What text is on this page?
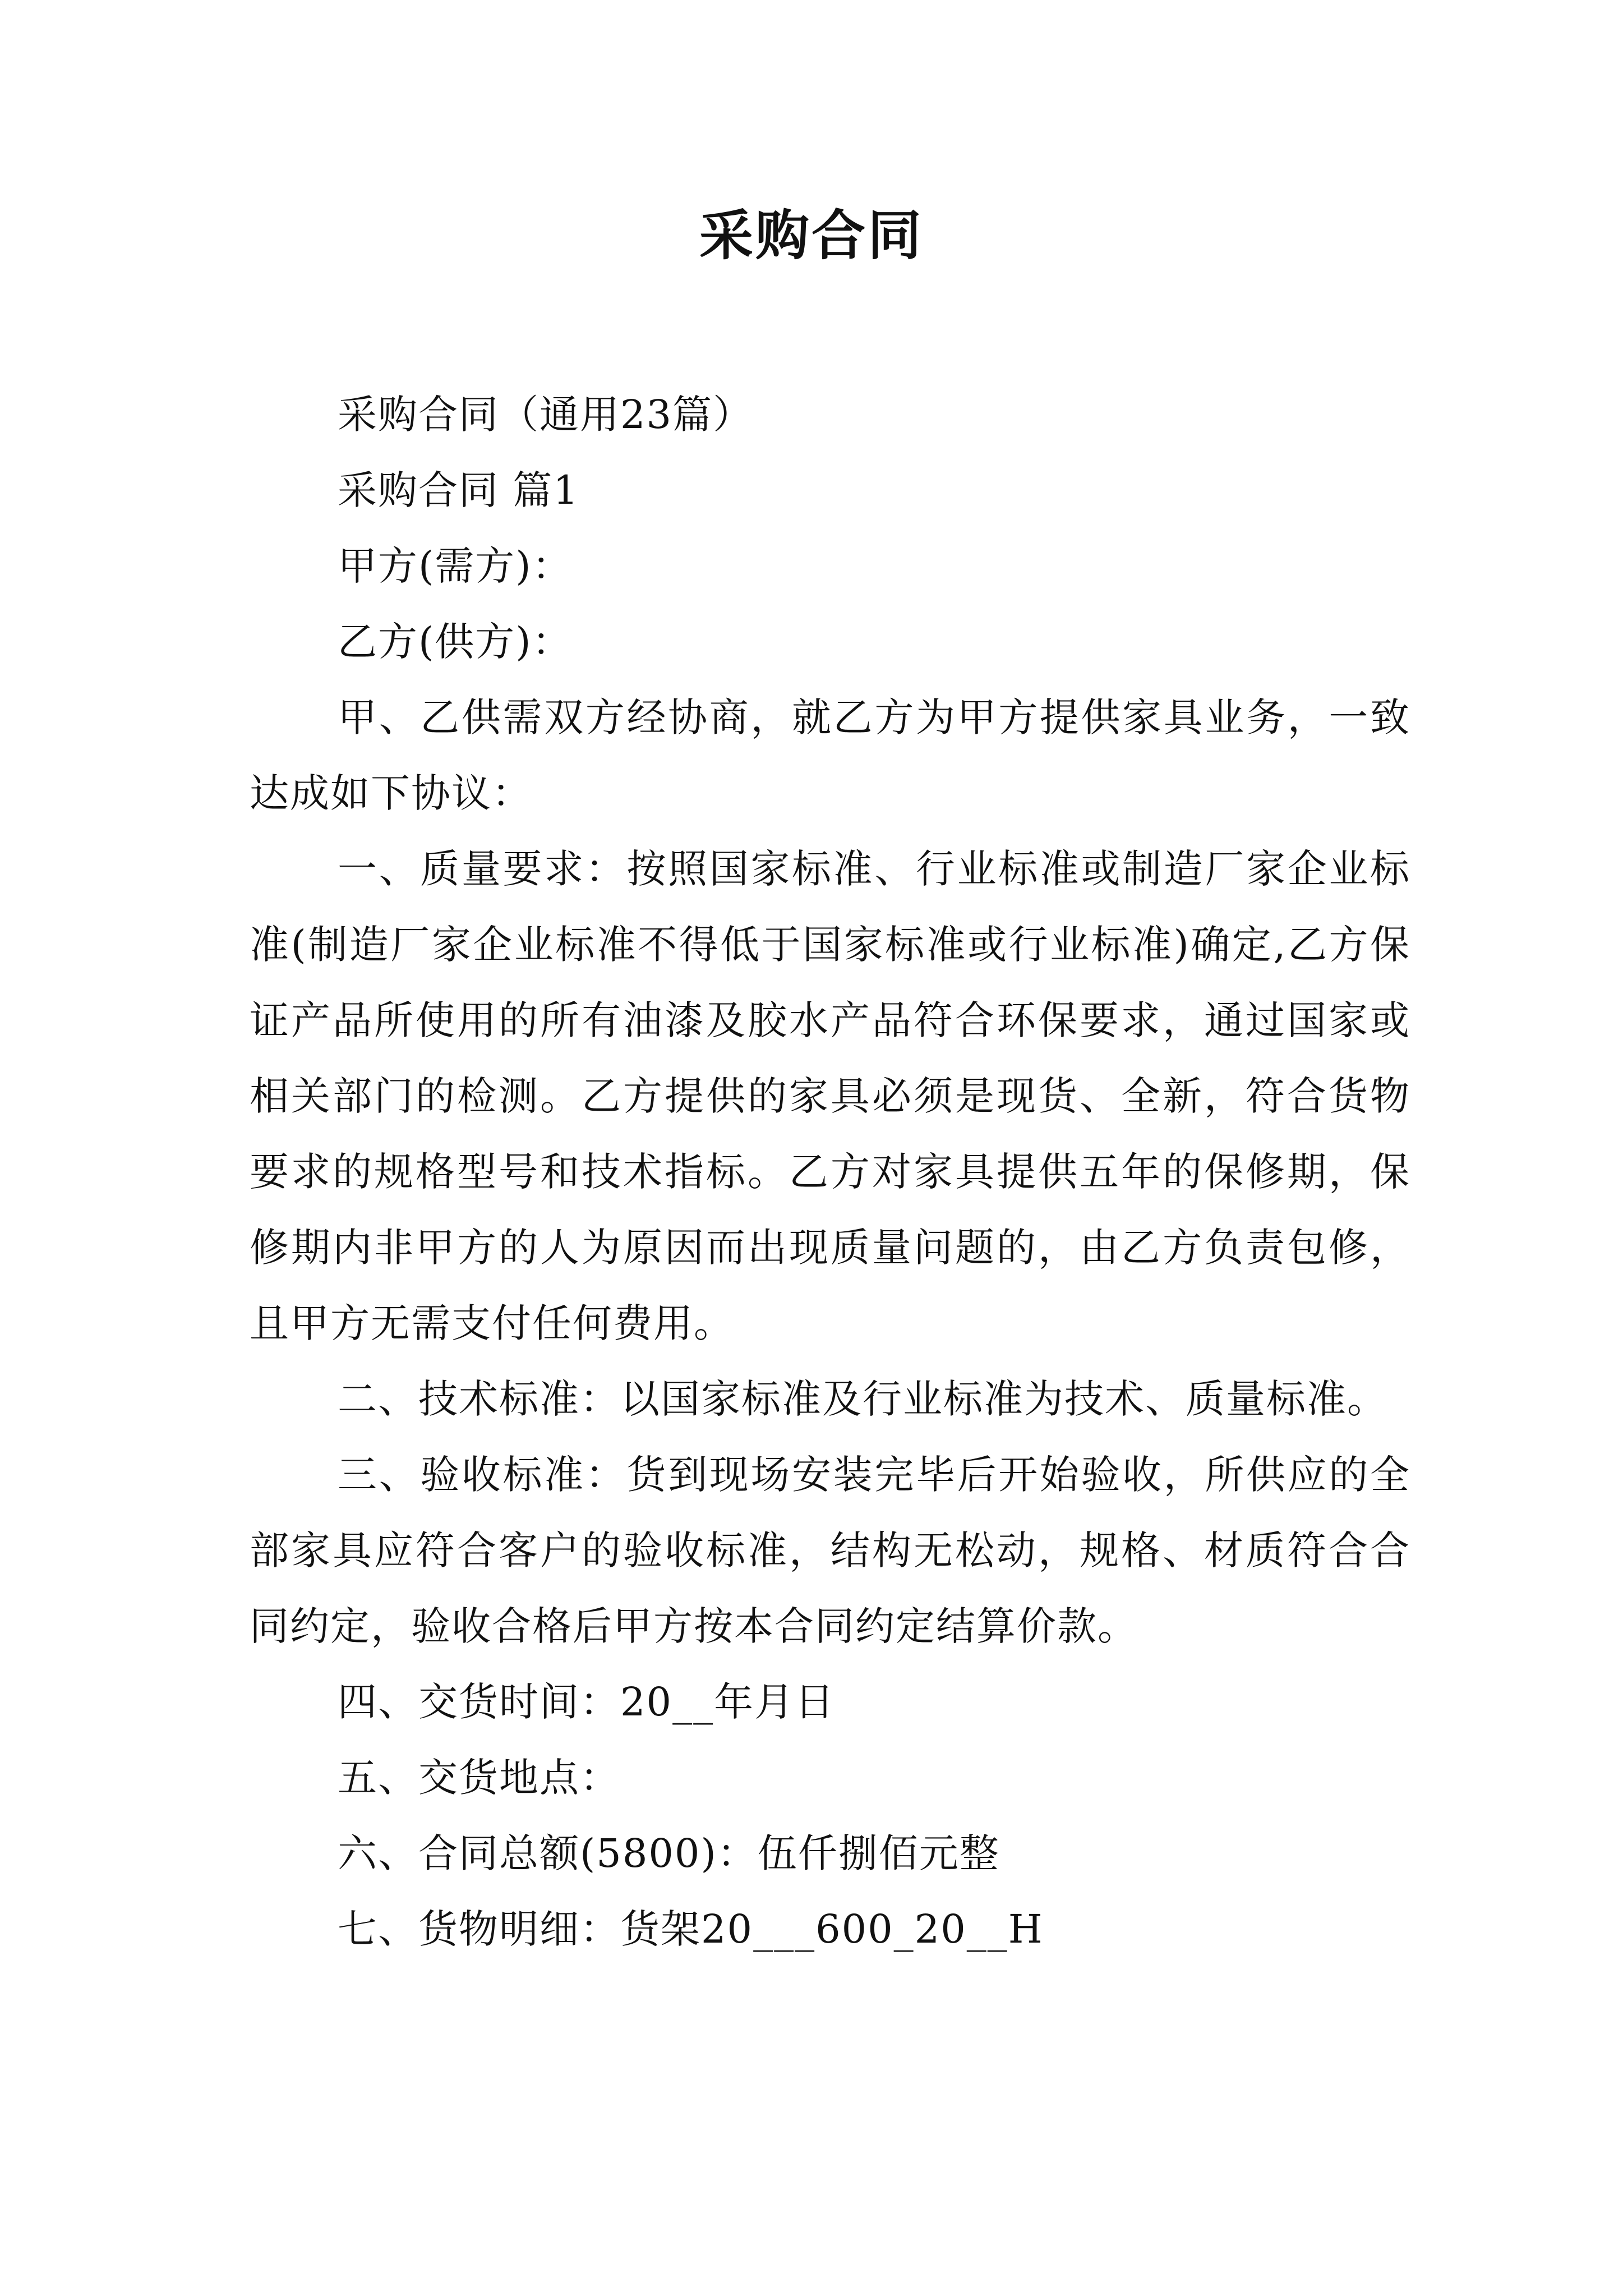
采购合同

采购合同（通用23篇）

采购合同 篇1

甲方(需方)：

乙方(供方)：

甲、乙供需双方经协商，就乙方为甲方提供家具业务，一致达成如下协议：

一、质量要求：按照国家标准、行业标准或制造厂家企业标准(制造厂家企业标准不得低于国家标准或行业标准)确定,乙方保证产品所使用的所有油漆及胶水产品符合环保要求，通过国家或相关部门的检测。乙方提供的家具必须是现货、全新，符合货物要求的规格型号和技术指标。乙方对家具提供五年的保修期，保修期内非甲方的人为原因而出现质量问题的，由乙方负责包修，且甲方无需支付任何费用。

二、技术标准：以国家标准及行业标准为技术、质量标准。

三、验收标准：货到现场安装完毕后开始验收，所供应的全部家具应符合客户的验收标准，结构无松动，规格、材质符合合同约定，验收合格后甲方按本合同约定结算价款。

四、交货时间：20__年月日

五、交货地点：

六、合同总额(5800)：伍仟捌佰元整

七、货物明细：货架20___600_20__H
